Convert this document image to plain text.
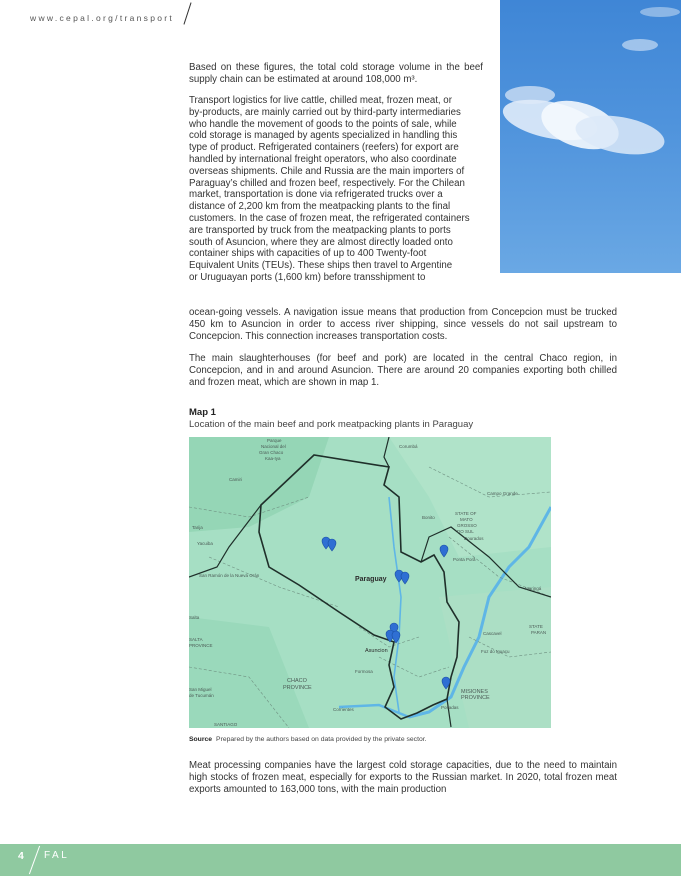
www.cepal.org/transport

Based on these figures, the total cold storage volume in the beef supply chain can be estimated at around 108,000 m³.

Transport logistics for live cattle, chilled meat, frozen meat, or
by-products, are mainly carried out by third-party intermediaries
who handle the movement of goods to the points of sale, while
cold storage is managed by agents specialized in handling this
type of product. Refrigerated containers (reefers) for export are
handled by international freight operators, who also coordinate
overseas shipments. Chile and Russia are the main importers of
Paraguay’s chilled and frozen beef, respectively. For the Chilean
market, transportation is done via refrigerated trucks over a
distance of 2,200 km from the meatpacking plants to the final
customers. In the case of frozen meat, the refrigerated containers
are transported by truck from the meatpacking plants to ports
south of Asuncion, where they are almost directly loaded onto
container ships with capacities of up to 400 Twenty-foot
Equivalent Units (TEUs). These ships then travel to Argentine
or Uruguayan ports (1,600 km) before transshipment to

ocean-going vessels. A navigation issue means that production from Concepcion must be trucked 450 km to Asuncion in order to access river shipping, since vessels do not sail upstream to Concepcion. This connection increases transportation costs.

The main slaughterhouses (for beef and pork) are located in the central Chaco region, in Concepcion, and in and around Asuncion. There are around 20 companies exporting both chilled and frozen meat, which are shown in map 1.

Map 1
Location of the main beef and pork meatpacking plants in Paraguay
Parque
Nacional del
Gran Chaco
Kaa-Iya
Corumbá
Camiri
Campo Grande
Bonito
STATE OF
MATO
GROSSO
DO SUL
Dourados
Ponta Porã
Tarija
Yacuiba
San Ramón de la Nueva Orán
Salta
SALTA
PROVINCE
Maringá
STATE
PARAN
Cascavel
Foz do Iguaçu
Formosa
San Miguel
de Tucumán
Corrientes	Posadas
SANTIAGO
CHACO
PROVINCE
MISIONES
PROVINCE
Paraguay
Asuncion
Source Prepared by the authors based on data provided by the private sector.

Meat processing companies have the largest cold storage capacities, due to the need to maintain high stocks of frozen meat, especially for exports to the Russian market. In 2020, total frozen meat exports amounted to 163,000 tons, with the main production

4 FAL
